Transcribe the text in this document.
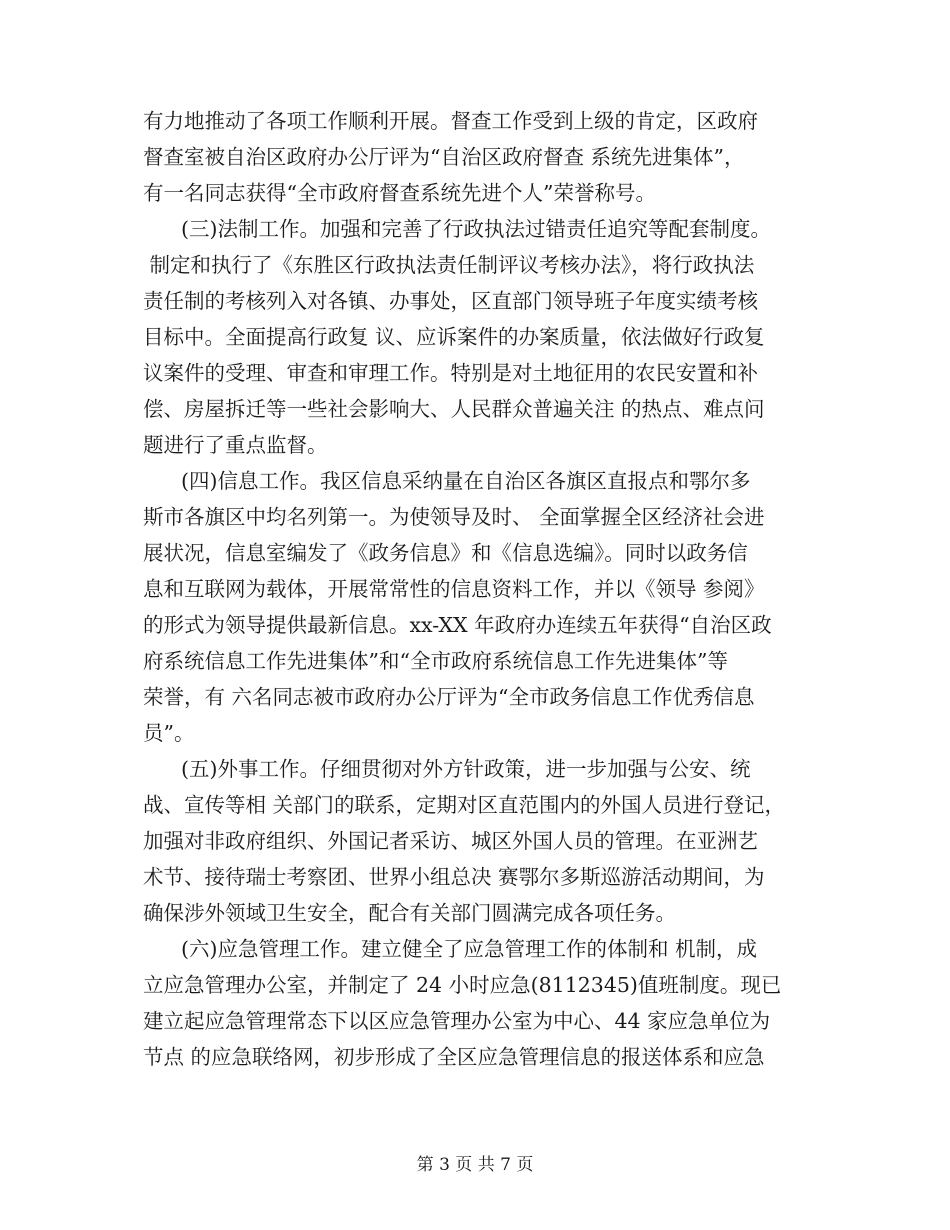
有力地推动了各项工作顺利开展。督查工作受到上级的肯定，区政府
督查室被自治区政府办公厅评为“自治区政府督查 系统先进集体”，
有一名同志获得“全市政府督查系统先进个人”荣誉称号。
(三)法制工作。加强和完善了行政执法过错责任追究等配套制度。
制定和执行了《东胜区行政执法责任制评议考核办法》，将行政执法
责任制的考核列入对各镇、办事处，区直部门领导班子年度实绩考核
目标中。全面提高行政复 议、应诉案件的办案质量，依法做好行政复
议案件的受理、审查和审理工作。特别是对土地征用的农民安置和补
偿、房屋拆迁等一些社会影响大、人民群众普遍关注 的热点、难点问
题进行了重点监督。
(四)信息工作。我区信息采纳量在自治区各旗区直报点和鄂尔多
斯市各旗区中均名列第一。为使领导及时、 全面掌握全区经济社会进
展状况，信息室编发了《政务信息》和《信息选编》。同时以政务信
息和互联网为载体，开展常常性的信息资料工作，并以《领导 参阅》
的形式为领导提供最新信息。xx-XX 年政府办连续五年获得“自治区政
府系统信息工作先进集体”和“全市政府系统信息工作先进集体”等
荣誉，有 六名同志被市政府办公厅评为“全市政务信息工作优秀信息
员”。
(五)外事工作。仔细贯彻对外方针政策，进一步加强与公安、统
战、宣传等相 关部门的联系，定期对区直范围内的外国人员进行登记，
加强对非政府组织、外国记者采访、城区外国人员的管理。在亚洲艺
术节、接待瑞士考察团、世界小组总决 赛鄂尔多斯巡游活动期间，为
确保涉外领域卫生安全，配合有关部门圆满完成各项任务。
(六)应急管理工作。建立健全了应急管理工作的体制和 机制，成
立应急管理办公室，并制定了 24 小时应急(8112345)值班制度。现已
建立起应急管理常态下以区应急管理办公室为中心、44 家应急单位为
节点 的应急联络网，初步形成了全区应急管理信息的报送体系和应急
第 3 页 共 7 页
